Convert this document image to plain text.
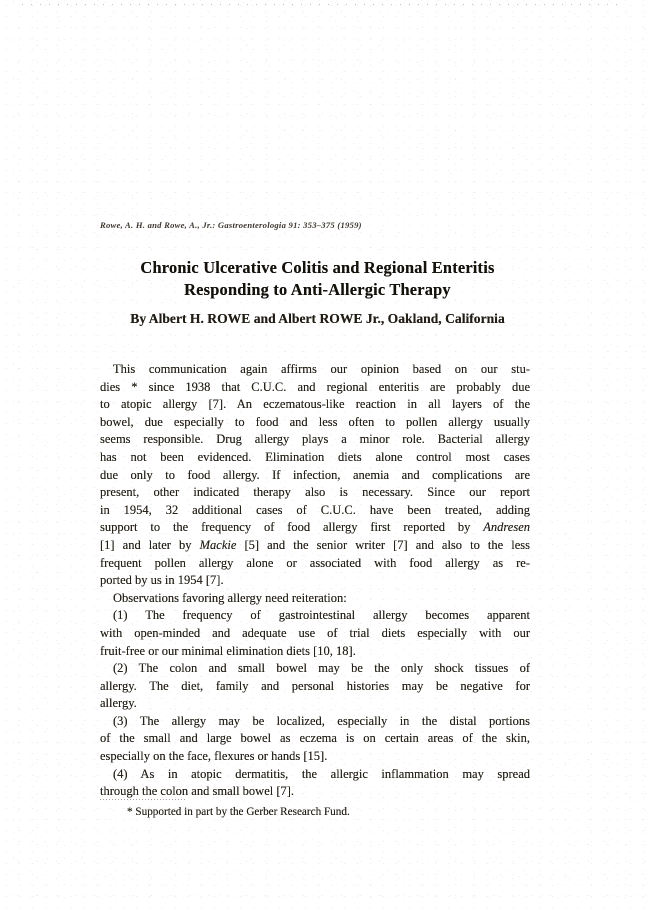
Rowe, A. H. and Rowe, A., Jr.: Gastroenterologia 91: 353–375 (1959)
Chronic Ulcerative Colitis and Regional Enteritis
Responding to Anti-Allergic Therapy
By Albert H. ROWE and Albert ROWE Jr., Oakland, California
This communication again affirms our opinion based on our stu-
dies * since 1938 that C.U.C. and regional enteritis are probably due
to atopic allergy [7]. An eczematous-like reaction in all layers of the
bowel, due especially to food and less often to pollen allergy usually
seems responsible. Drug allergy plays a minor role. Bacterial allergy
has not been evidenced. Elimination diets alone control most cases
due only to food allergy. If infection, anemia and complications are
present, other indicated therapy also is necessary. Since our report
in 1954, 32 additional cases of C.U.C. have been treated, adding
support to the frequency of food allergy first reported by Andresen
[1] and later by Mackie [5] and the senior writer [7] and also to the less
frequent pollen allergy alone or associated with food allergy as re-
ported by us in 1954 [7].
Observations favoring allergy need reiteration:
(1) The frequency of gastrointestinal allergy becomes apparent
with open-minded and adequate use of trial diets especially with our
fruit-free or our minimal elimination diets [10, 18].
(2) The colon and small bowel may be the only shock tissues of
allergy. The diet, family and personal histories may be negative for
allergy.
(3) The allergy may be localized, especially in the distal portions
of the small and large bowel as eczema is on certain areas of the skin,
especially on the face, flexures or hands [15].
(4) As in atopic dermatitis, the allergic inflammation may spread
through the colon and small bowel [7].
* Supported in part by the Gerber Research Fund.
